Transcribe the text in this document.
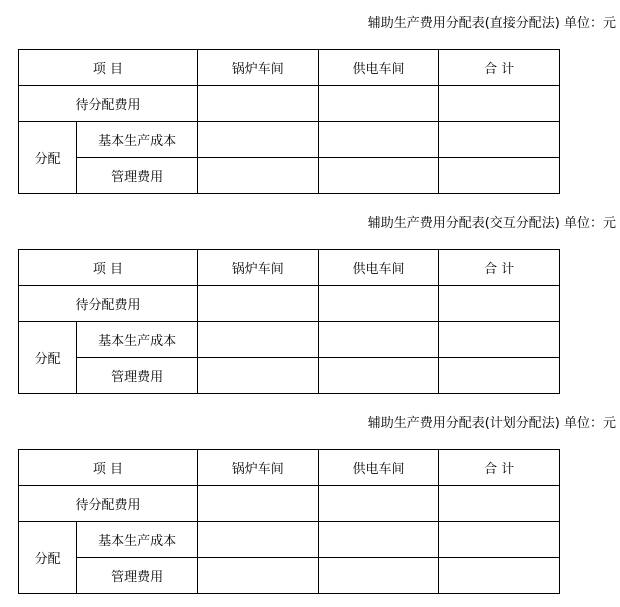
辅助生产费用分配表(直接分配法) 单位：元
项 目		锅炉车间	供电车间	合 计
待分配费用				
分配	基本生产成本			
	管理费用			
辅助生产费用分配表(交互分配法) 单位：元
项 目		锅炉车间	供电车间	合 计
待分配费用				
分配	基本生产成本			
	管理费用			
辅助生产费用分配表(计划分配法) 单位：元
项 目		锅炉车间	供电车间	合 计
待分配费用				
分配	基本生产成本			
	管理费用			
